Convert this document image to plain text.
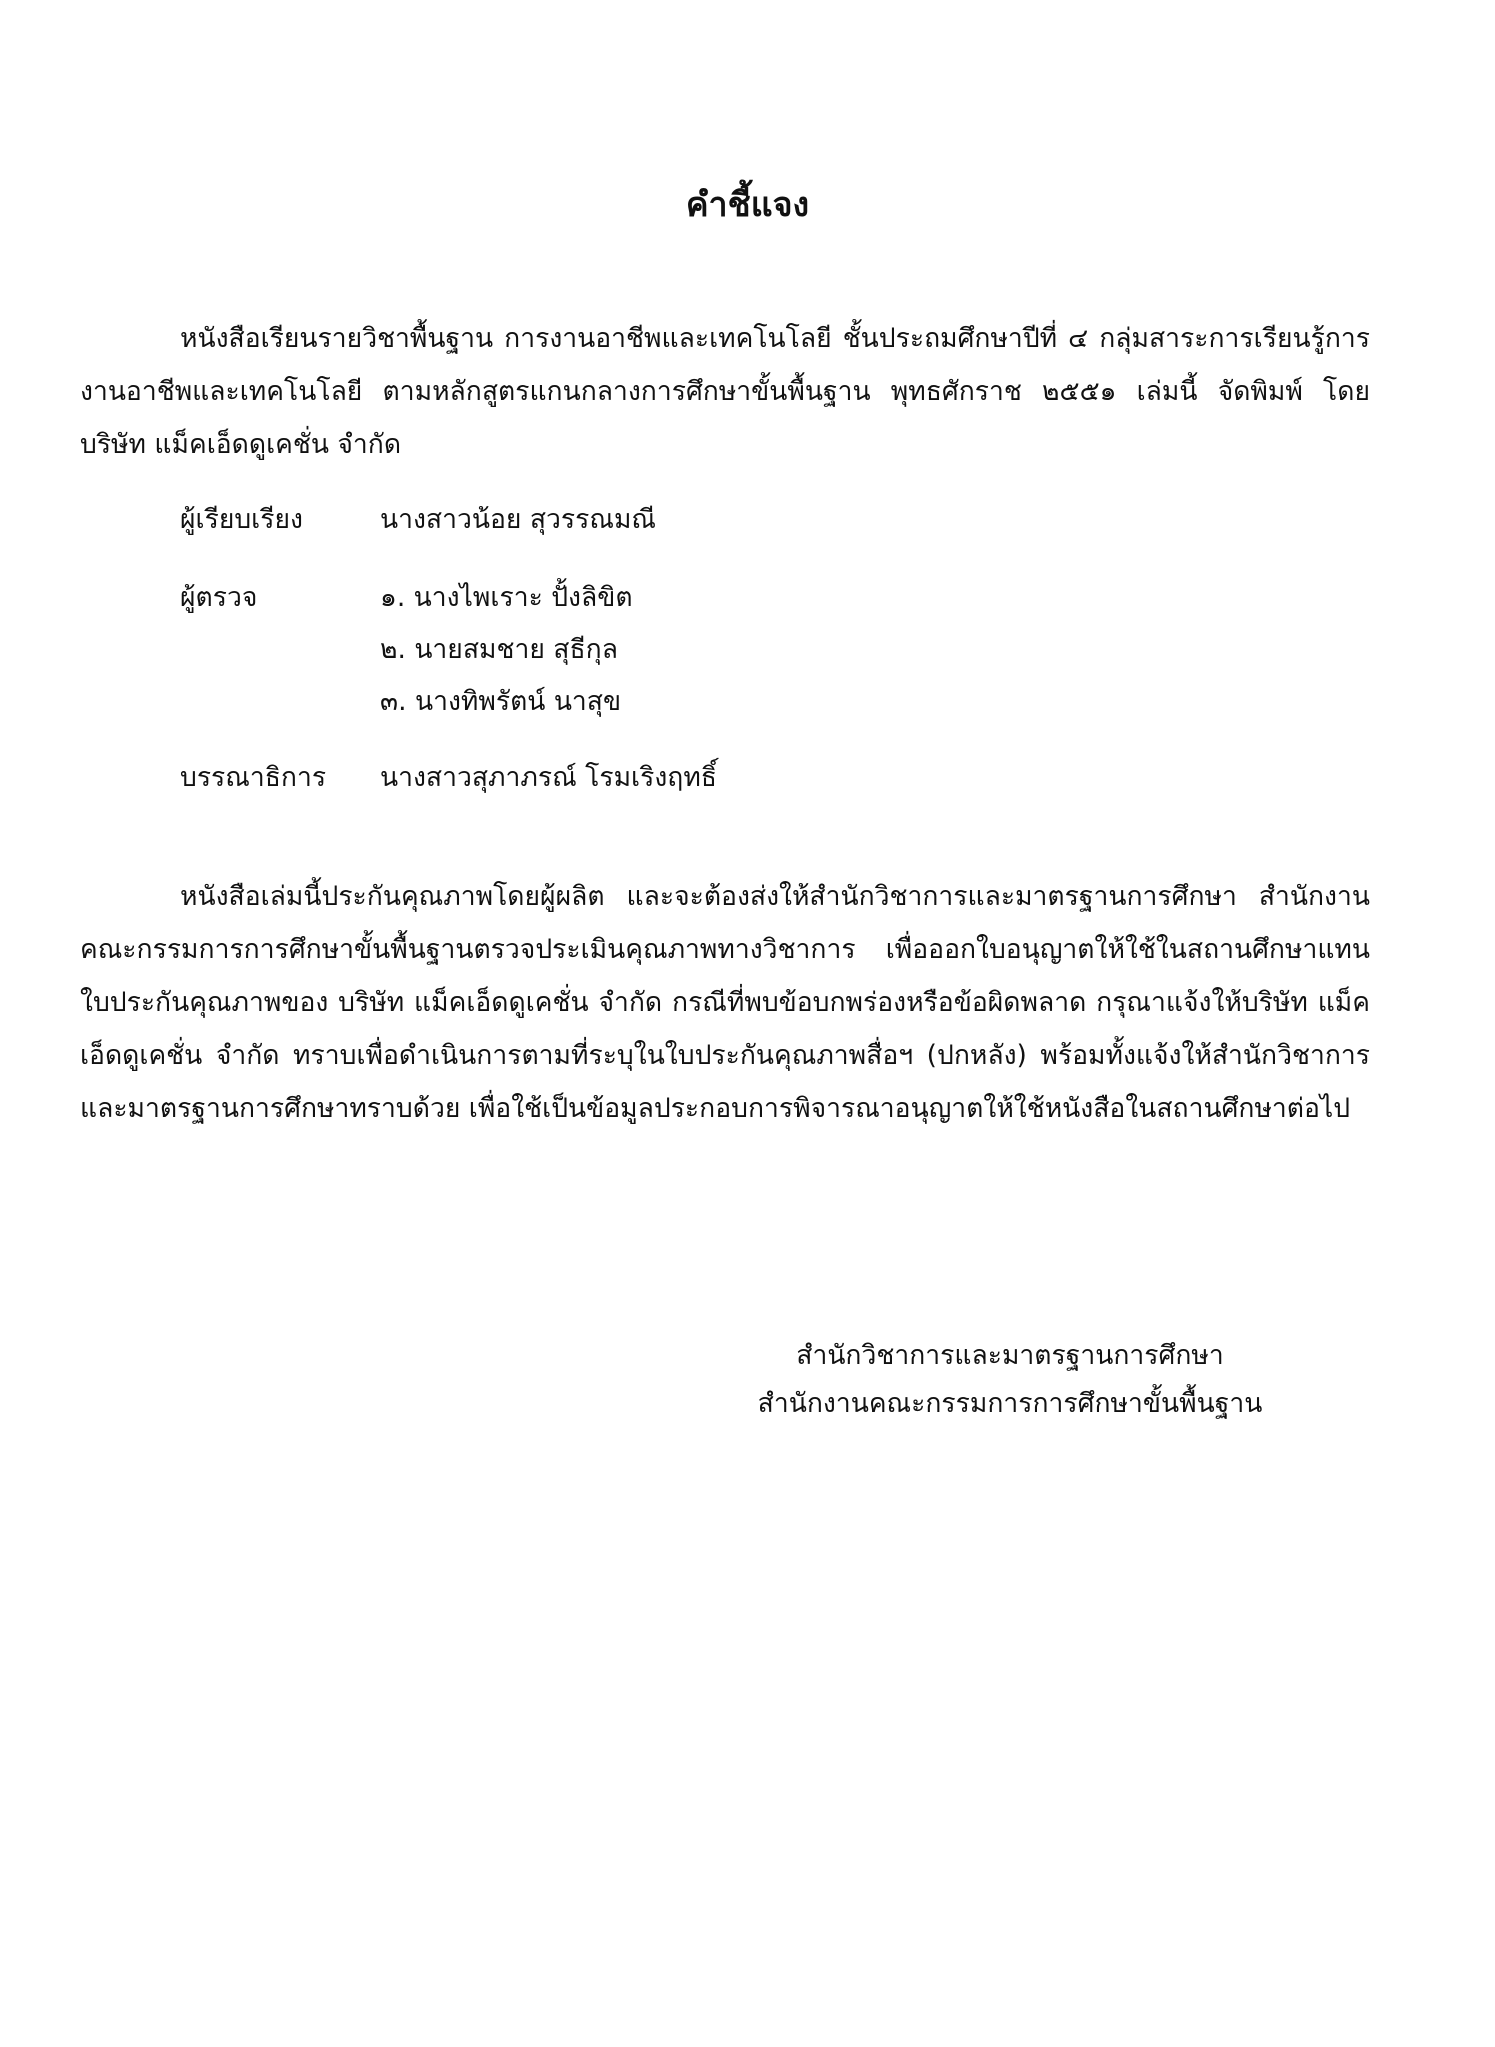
คำชี้แจง

หนังสือเรียนรายวิชาพื้นฐาน การงานอาชีพและเทคโนโลยี ชั้นประถมศึกษาปีที่ ๔ กลุ่มสาระการเรียนรู้การงานอาชีพและเทคโนโลยี ตามหลักสูตรแกนกลางการศึกษาขั้นพื้นฐาน พุทธศักราช ๒๕๕๑ เล่มนี้ จัดพิมพ์ โดย บริษัท แม็คเอ็ดดูเคชั่น จำกัด

ผู้เรียบเรียง	นางสาวน้อย สุวรรณมณี
ผู้ตรวจ	๑. นางไพเราะ ปั้งลิขิต
๒. นายสมชาย สุธีกุล
๓. นางทิพรัตน์ นาสุข
บรรณาธิการ	นางสาวสุภาภรณ์ โรมเริงฤทธิ์

หนังสือเล่มนี้ประกันคุณภาพโดยผู้ผลิต และจะต้องส่งให้สำนักวิชาการและมาตรฐานการศึกษา สำนักงานคณะกรรมการการศึกษาขั้นพื้นฐานตรวจประเมินคุณภาพทางวิชาการ เพื่อออกใบอนุญาตให้ใช้ในสถานศึกษาแทนใบประกันคุณภาพของ บริษัท แม็คเอ็ดดูเคชั่น จำกัด กรณีที่พบข้อบกพร่องหรือข้อผิดพลาด กรุณาแจ้งให้บริษัท แม็คเอ็ดดูเคชั่น จำกัด ทราบเพื่อดำเนินการตามที่ระบุในใบประกันคุณภาพสื่อฯ (ปกหลัง) พร้อมทั้งแจ้งให้สำนักวิชาการและมาตรฐานการศึกษาทราบด้วย เพื่อใช้เป็นข้อมูลประกอบการพิจารณาอนุญาตให้ใช้หนังสือในสถานศึกษาต่อไป

สำนักวิชาการและมาตรฐานการศึกษา
สำนักงานคณะกรรมการการศึกษาขั้นพื้นฐาน
